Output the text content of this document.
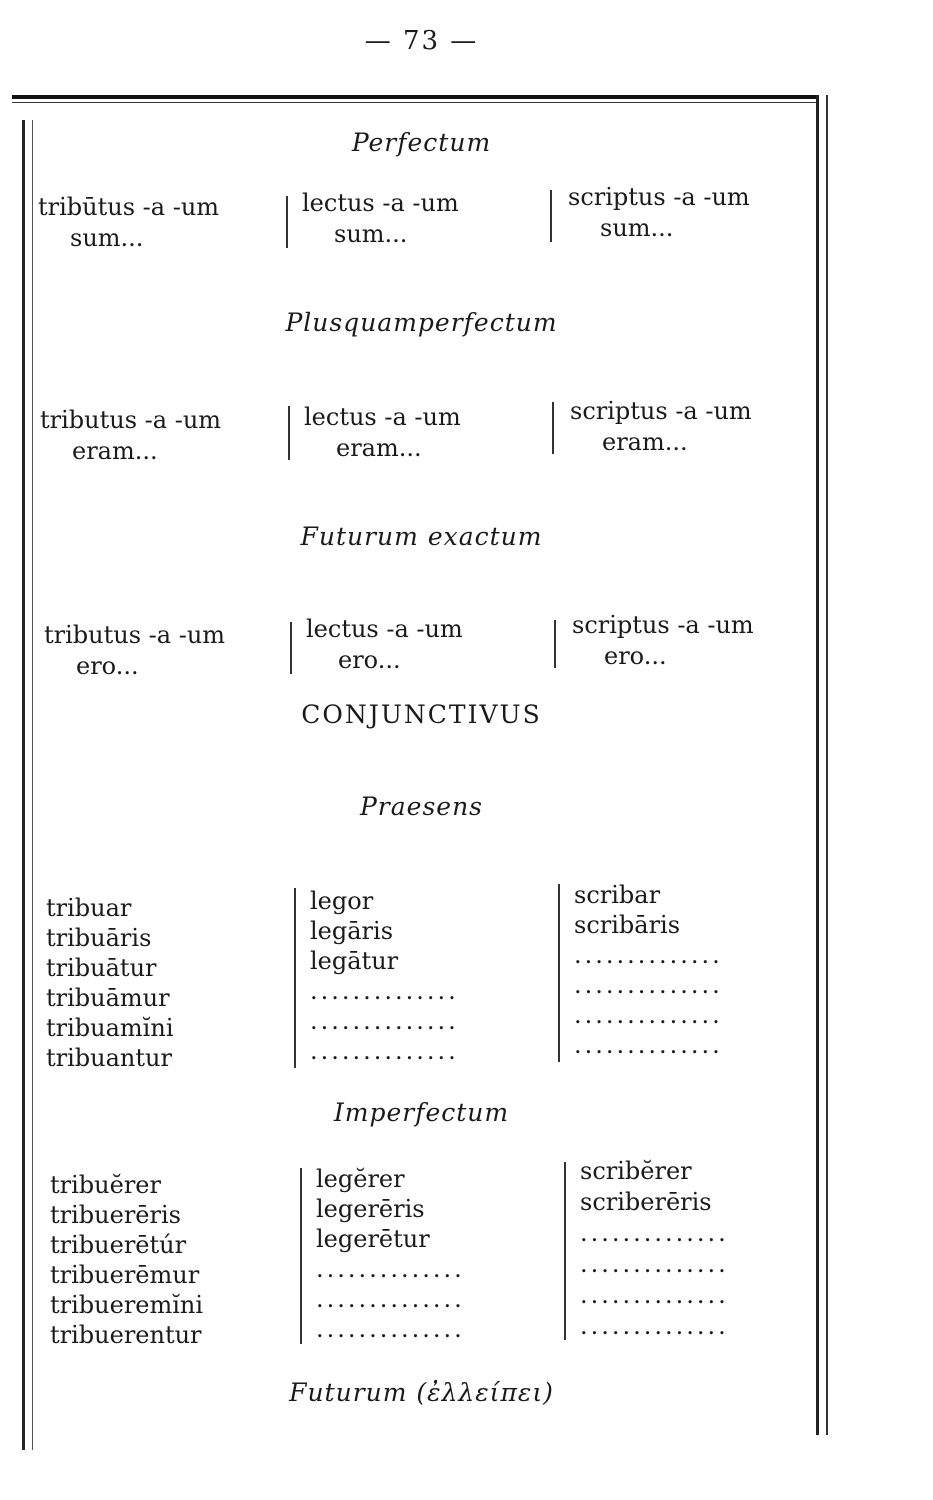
— 73 —
Perfectum
tribūtus -a -um
sum...
lectus -a -um
sum...
scriptus -a -um
sum...
Plusquamperfectum
tributus -a -um
eram...
lectus -a -um
eram...
scriptus -a -um
eram...
Futurum exactum
tributus -a -um
ero...
lectus -a -um
ero...
scriptus -a -um
ero...
CONJUNCTIVUS
Praesens
tribuar
tribuāris
tribuātur
tribuāmur
tribuamĭni
tribuantur
legor
legāris
legātur
..............
..............
..............
scribar
scribāris
..............
..............
..............
..............
Imperfectum
tribuĕrer
tribuerēris
tribuerētúr
tribuerēmur
tribueremĭni
tribuerentur
legĕrer
legerēris
legerētur
..............
..............
..............
scribĕrer
scriberēris
..............
..............
..............
..............
Futurum (ἐλλείπει)
